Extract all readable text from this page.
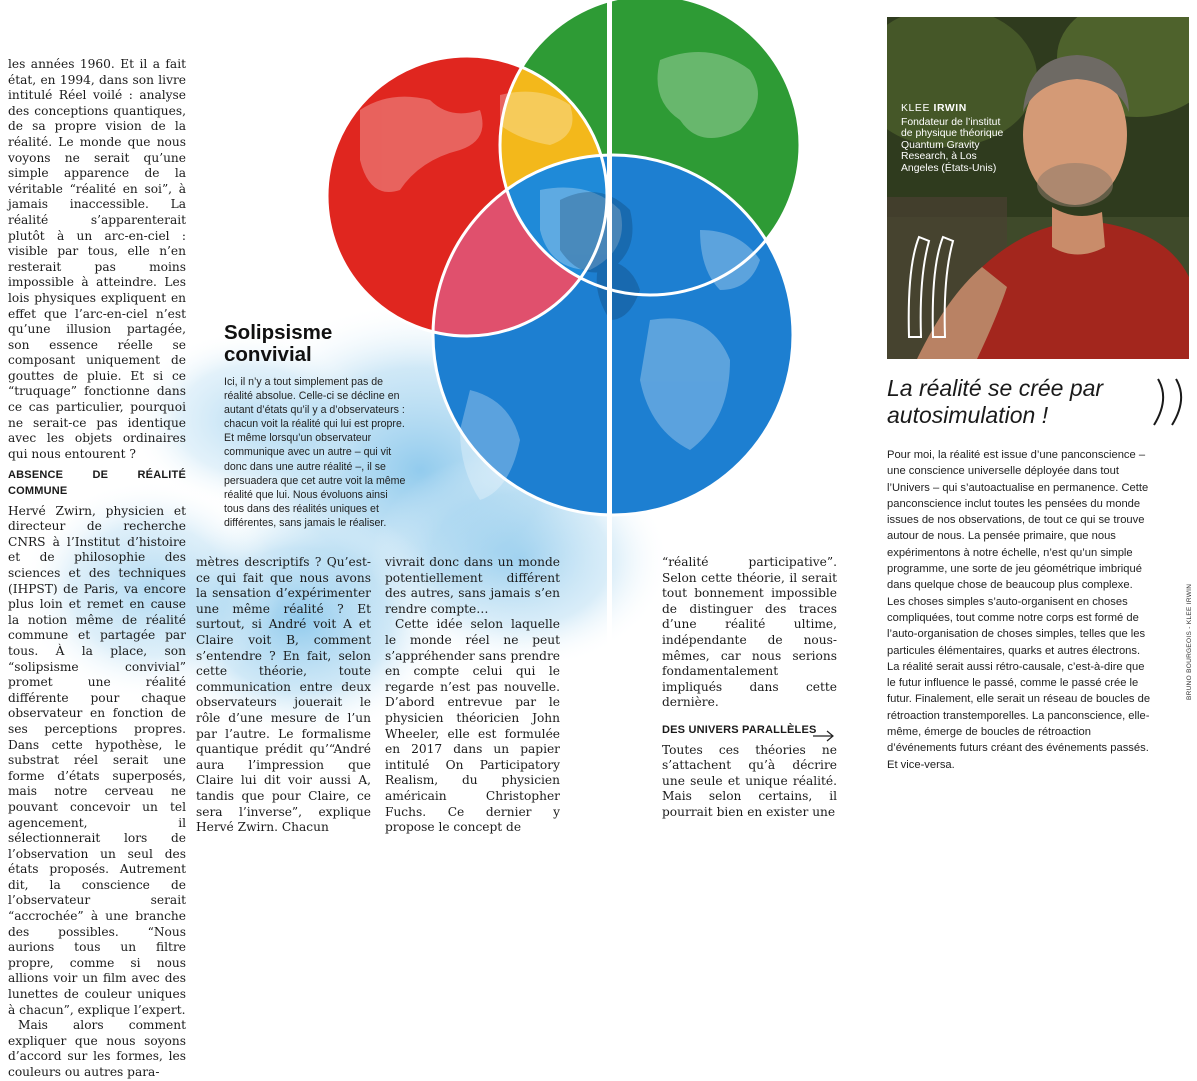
les années 1960. Et il a fait état, en 1994, dans son livre intitulé Réel voilé : analyse des conceptions quantiques, de sa propre vision de la réalité. Le monde que nous voyons ne serait qu’une simple apparence de la véritable “réalité en soi”, à jamais inaccessible. La réalité s’apparenterait plutôt à un arc-en-ciel : visible par tous, elle n’en resterait pas moins impossible à atteindre. Les lois physiques expliquent en effet que l’arc-en-ciel n’est qu’une illusion partagée, son essence réelle se composant uniquement de gouttes de pluie. Et si ce “truquage” fonctionne dans ce cas particulier, pourquoi ne serait-ce pas identique avec les objets ordinaires qui nous entourent ?

ABSENCE DE RÉALITÉ COMMUNE

Hervé Zwirn, physicien et directeur de recherche CNRS à l’Institut d’histoire et de philosophie des sciences et des techniques (IHPST) de Paris, va encore plus loin et remet en cause la notion même de réalité commune et partagée par tous. À la place, son “solipsisme convivial” promet une réalité différente pour chaque observateur en fonction de ses perceptions propres. Dans cette hypothèse, le substrat réel serait une forme d’états superposés, mais notre cerveau ne pouvant concevoir un tel agencement, il sélectionnerait lors de l’observation un seul des états proposés. Autrement dit, la conscience de l’observateur serait “accrochée” à une branche des possibles. “Nous aurions tous un filtre propre, comme si nous allions voir un film avec des lunettes de couleur uniques à chacun”, explique l’expert.

Mais alors comment expliquer que nous soyons d’accord sur les formes, les couleurs ou autres para-

Solipsisme convivial
Ici, il n’y a tout simplement pas de réalité absolue. Celle-ci se décline en autant d’états qu’il y a d’observateurs : chacun voit la réalité qui lui est propre. Et même lorsqu’un observateur communique avec un autre – qui vit donc dans une autre réalité –, il se persuadera que cet autre voit la même réalité que lui. Nous évoluons ainsi tous dans des réalités uniques et différentes, sans jamais le réaliser.

mètres descriptifs ? Qu’est-ce qui fait que nous avons la sensation d’expérimenter une même réalité ? Et surtout, si André voit A et Claire voit B, comment s’entendre ? En fait, selon cette théorie, toute communication entre deux observateurs jouerait le rôle d’une mesure de l’un par l’autre. Le formalisme quantique prédit qu’“André aura l’impression que Claire lui dit voir aussi A, tandis que pour Claire, ce sera l’inverse”, explique Hervé Zwirn. Chacun

vivrait donc dans un monde potentiellement différent des autres, sans jamais s’en rendre compte…

Cette idée selon laquelle le monde réel ne peut s’appréhender sans prendre en compte celui qui le regarde n’est pas nouvelle. D’abord entrevue par le physicien théoricien John Wheeler, elle est formulée en 2017 dans un papier intitulé On Participatory Realism, du physicien américain Christopher Fuchs. Ce dernier y propose le concept de

“réalité participative”. Selon cette théorie, il serait tout bonnement impossible de distinguer des traces d’une réalité ultime, indépendante de nous-mêmes, car nous serions fondamentalement impliqués dans cette dernière.

DES UNIVERS PARALLÈLES

Toutes ces théories ne s’attachent qu’à décrire une seule et unique réalité. Mais selon certains, il pourrait bien en exister une

KLEE IRWIN
Fondateur de l’institut de physique théorique Quantum Gravity Research, à Los Angeles (États-Unis)
La réalité se crée par autosimulation !
Pour moi, la réalité est issue d’une panconscience – une conscience universelle déployée dans tout l’Univers – qui s’autoactualise en permanence. Cette panconscience inclut toutes les pensées du monde issues de nos observations, de tout ce qui se trouve autour de nous. La pensée primaire, que nous expérimentons à notre échelle, n’est qu’un simple programme, une sorte de jeu géométrique imbriqué dans quelque chose de beaucoup plus complexe. Les choses simples s’auto-organisent en choses compliquées, tout comme notre corps est formé de l’auto-organisation de choses simples, telles que les particules élémentaires, quarks et autres électrons. La réalité serait aussi rétro-causale, c’est-à-dire que le futur influence le passé, comme le passé crée le futur. Finalement, elle serait un réseau de boucles de rétroaction transtemporelles. La panconscience, elle-même, émerge de boucles de rétroaction d’événements futurs créant des événements passés. Et vice-versa.
BRUNO BOURGEOIS - KLEE IRWIN
